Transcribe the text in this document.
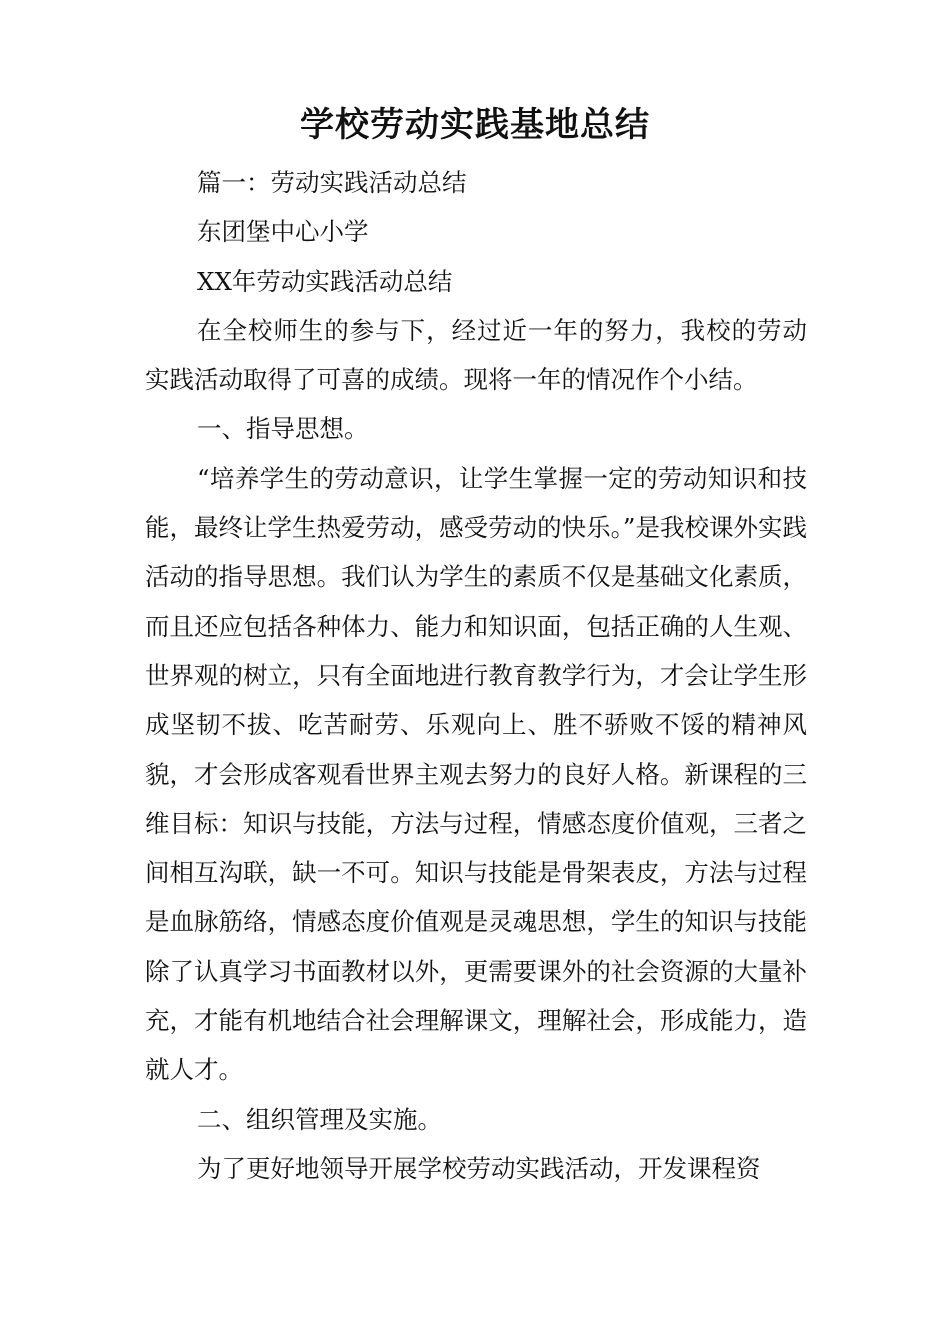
学校劳动实践基地总结

篇一：劳动实践活动总结

东团堡中心小学

XX年劳动实践活动总结

在全校师生的参与下，经过近一年的努力，我校的劳动实践活动取得了可喜的成绩。现将一年的情况作个小结。

一、指导思想。

“培养学生的劳动意识，让学生掌握一定的劳动知识和技能，最终让学生热爱劳动，感受劳动的快乐。”是我校课外实践活动的指导思想。我们认为学生的素质不仅是基础文化素质，而且还应包括各种体力、能力和知识面，包括正确的人生观、世界观的树立，只有全面地进行教育教学行为，才会让学生形成坚韧不拔、吃苦耐劳、乐观向上、胜不骄败不馁的精神风貌，才会形成客观看世界主观去努力的良好人格。新课程的三维目标：知识与技能，方法与过程，情感态度价值观，三者之间相互沟联，缺一不可。知识与技能是骨架表皮，方法与过程是血脉筋络，情感态度价值观是灵魂思想，学生的知识与技能除了认真学习书面教材以外，更需要课外的社会资源的大量补充，才能有机地结合社会理解课文，理解社会，形成能力，造就人才。

二、组织管理及实施。

为了更好地领导开展学校劳动实践活动，开发课程资
